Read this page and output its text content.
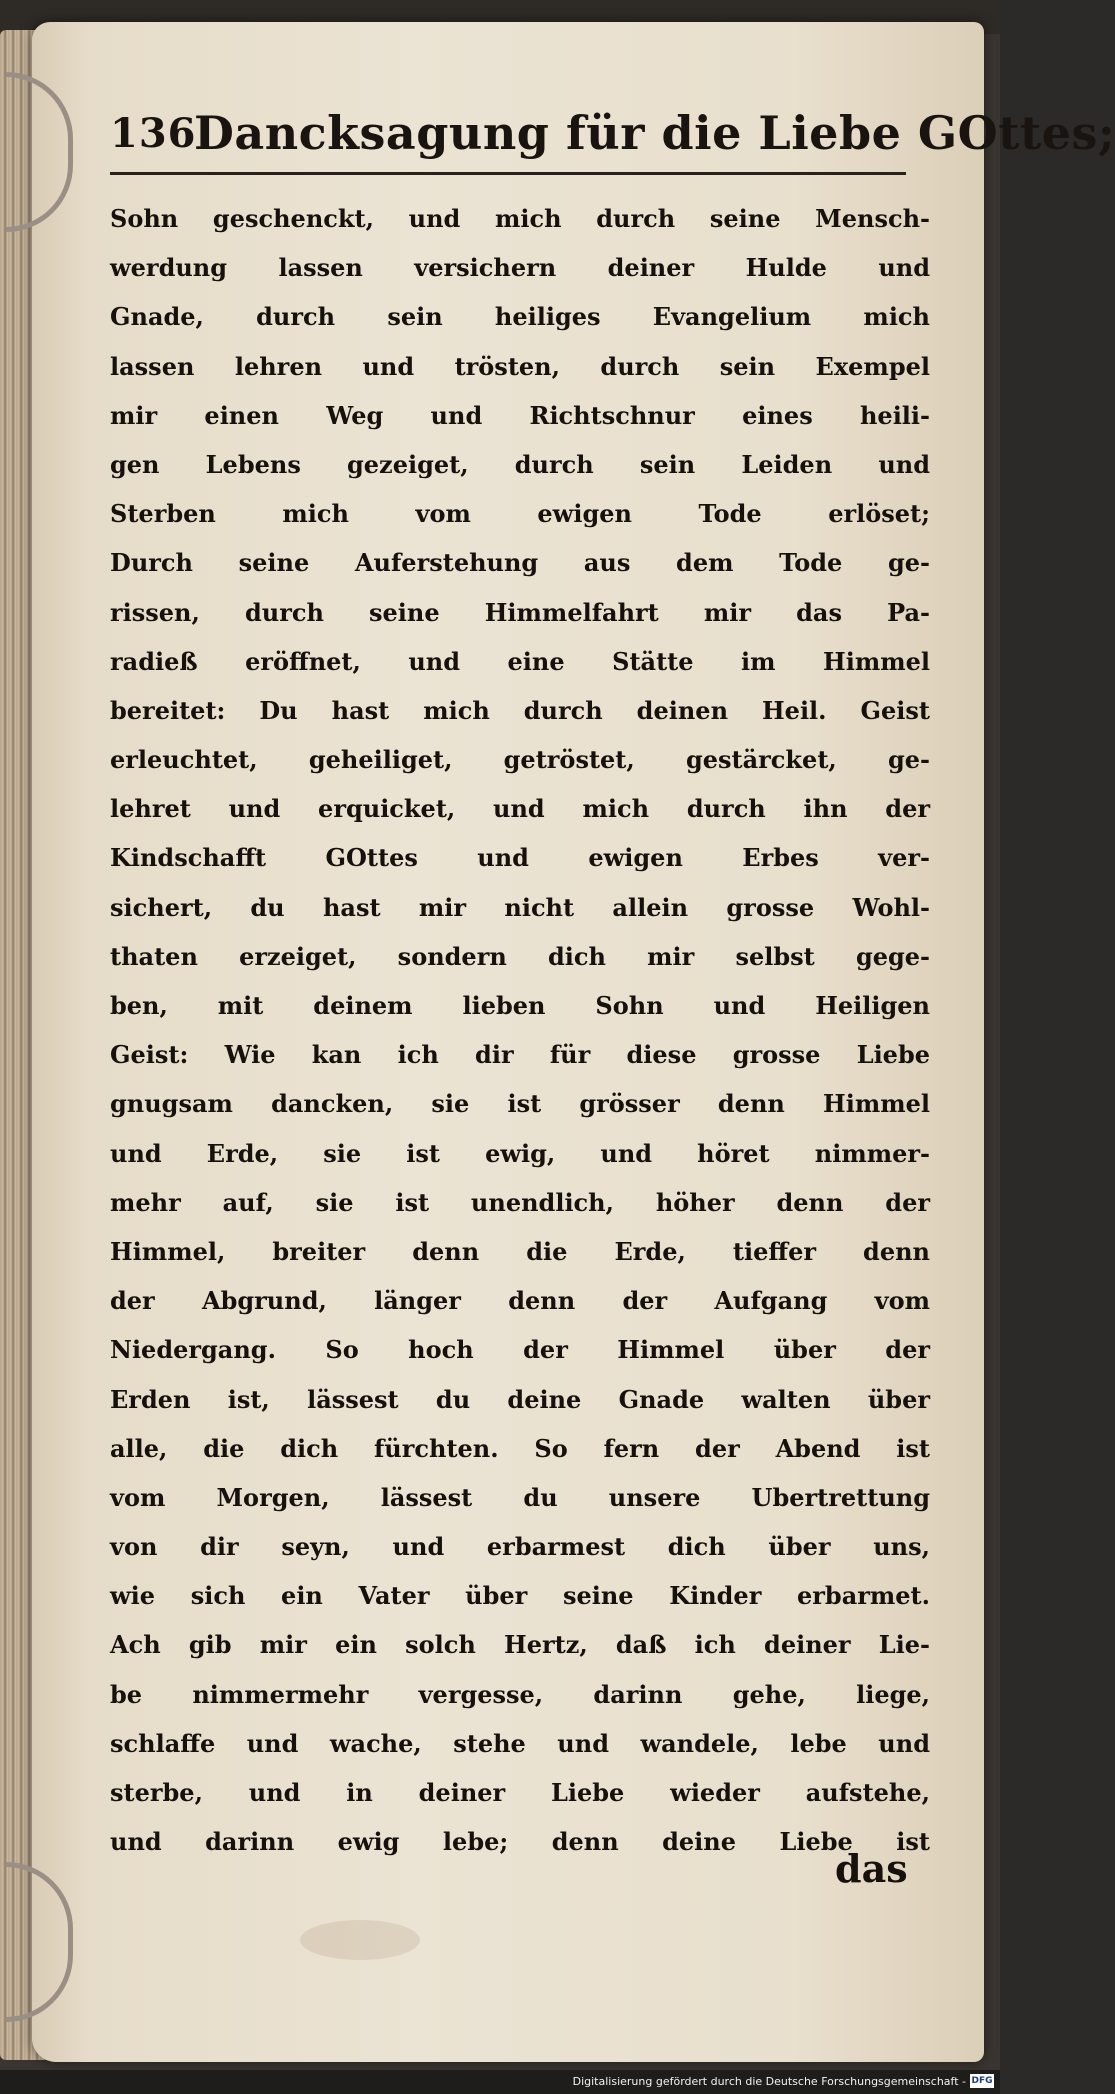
136
Dancksagung für die Liebe GOttes;
Sohn geschenckt, und mich durch seine Mensch-
werdung lassen versichern deiner Hulde und
Gnade, durch sein heiliges Evangelium mich
lassen lehren und trösten, durch sein Exempel
mir einen Weg und Richtschnur eines heili-
gen Lebens gezeiget, durch sein Leiden und
Sterben mich vom ewigen Tode erlöset;
Durch seine Auferstehung aus dem Tode ge-
rissen, durch seine Himmelfahrt mir das Pa-
radieß eröffnet, und eine Stätte im Himmel
bereitet: Du hast mich durch deinen Heil. Geist
erleuchtet, geheiliget, getröstet, gestärcket, ge-
lehret und erquicket, und mich durch ihn der
Kindschafft GOttes und ewigen Erbes ver-
sichert, du hast mir nicht allein grosse Wohl-
thaten erzeiget, sondern dich mir selbst gege-
ben, mit deinem lieben Sohn und Heiligen
Geist: Wie kan ich dir für diese grosse Liebe
gnugsam dancken, sie ist grösser denn Himmel
und Erde, sie ist ewig, und höret nimmer-
mehr auf, sie ist unendlich, höher denn der
Himmel, breiter denn die Erde, tieffer denn
der Abgrund, länger denn der Aufgang vom
Niedergang. So hoch der Himmel über der
Erden ist, lässest du deine Gnade walten über
alle, die dich fürchten. So fern der Abend ist
vom Morgen, lässest du unsere Ubertrettung
von dir seyn, und erbarmest dich über uns,
wie sich ein Vater über seine Kinder erbarmet.
Ach gib mir ein solch Hertz, daß ich deiner Lie-
be nimmermehr vergesse, darinn gehe, liege,
schlaffe und wache, stehe und wandele, lebe und
sterbe, und in deiner Liebe wieder aufstehe,
und darinn ewig lebe; denn deine Liebe ist
das
Digitalisierung gefördert durch die Deutsche Forschungsgemeinschaft - DFG
